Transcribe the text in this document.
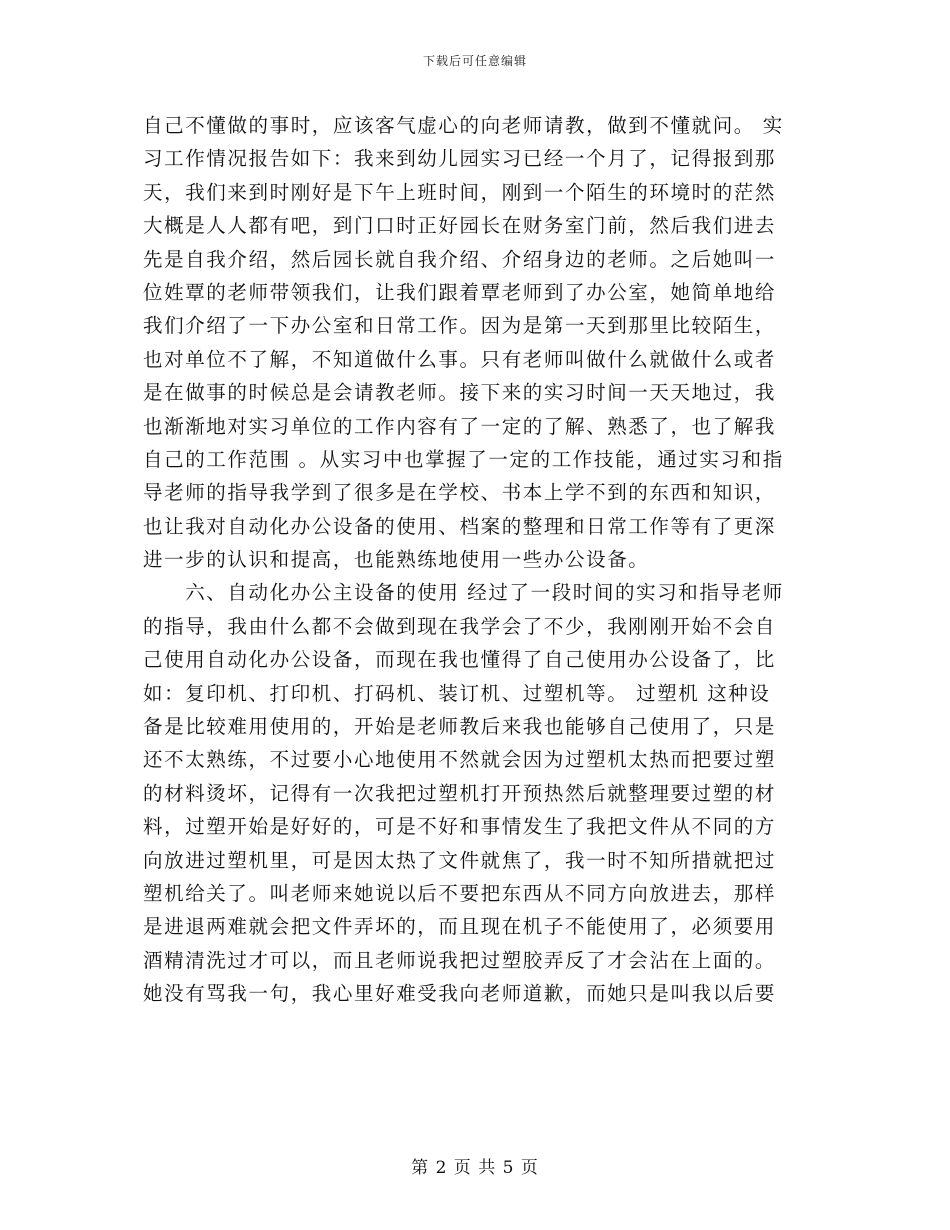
下载后可任意编辑
自己不懂做的事时，应该客气虚心的向老师请教，做到不懂就问。 实
习工作情况报告如下：我来到幼儿园实习已经一个月了，记得报到那
天，我们来到时刚好是下午上班时间，刚到一个陌生的环境时的茫然
大概是人人都有吧，到门口时正好园长在财务室门前，然后我们进去
先是自我介绍，然后园长就自我介绍、介绍身边的老师。之后她叫一
位姓覃的老师带领我们，让我们跟着覃老师到了办公室，她简单地给
我们介绍了一下办公室和日常工作。因为是第一天到那里比较陌生，
也对单位不了解，不知道做什么事。只有老师叫做什么就做什么或者
是在做事的时候总是会请教老师。接下来的实习时间一天天地过，我
也渐渐地对实习单位的工作内容有了一定的了解、熟悉了，也了解我
自己的工作范围 。从实习中也掌握了一定的工作技能，通过实习和指
导老师的指导我学到了很多是在学校、书本上学不到的东西和知识，
也让我对自动化办公设备的使用、档案的整理和日常工作等有了更深
进一步的认识和提高，也能熟练地使用一些办公设备。
　　六、自动化办公主设备的使用 经过了一段时间的实习和指导老师
的指导，我由什么都不会做到现在我学会了不少，我刚刚开始不会自
己使用自动化办公设备，而现在我也懂得了自己使用办公设备了，比
如：复印机、打印机、打码机、装订机、过塑机等。 过塑机 这种设
备是比较难用使用的，开始是老师教后来我也能够自己使用了，只是
还不太熟练，不过要小心地使用不然就会因为过塑机太热而把要过塑
的材料烫坏，记得有一次我把过塑机打开预热然后就整理要过塑的材
料，过塑开始是好好的，可是不好和事情发生了我把文件从不同的方
向放进过塑机里，可是因太热了文件就焦了，我一时不知所措就把过
塑机给关了。叫老师来她说以后不要把东西从不同方向放进去，那样
是进退两难就会把文件弄坏的，而且现在机子不能使用了，必须要用
酒精清洗过才可以，而且老师说我把过塑胶弄反了才会沾在上面的。
她没有骂我一句，我心里好难受我向老师道歉，而她只是叫我以后要
第 2 页 共 5 页
